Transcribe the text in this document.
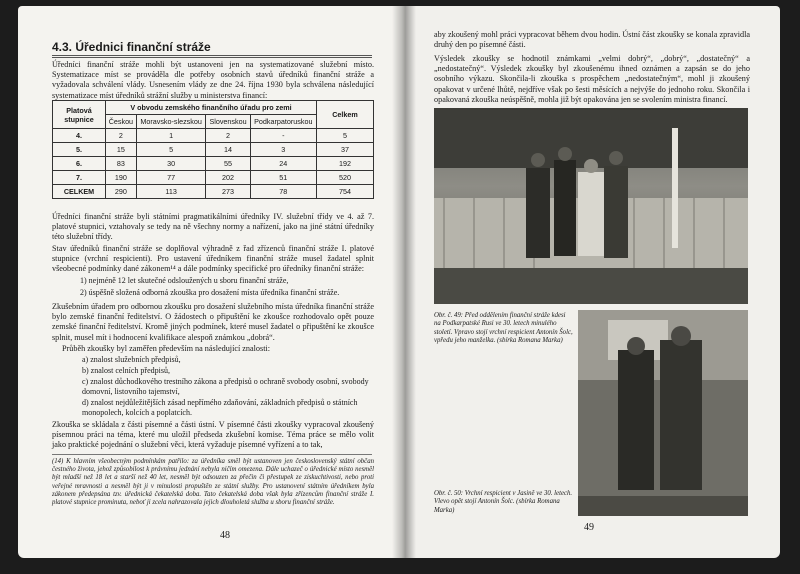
4.3. Úřednici finanční stráže
Úředníci finanční stráže mohli být ustanoveni jen na systematizované služební místo. Systematizace míst se prováděla dle potřeby osobních stavů úředníků finanční stráže a vyžadovala schválení vlády. Usnesením vlády ze dne 24. října 1930 byla schválena následující systematizace míst úředníků strážní služby u ministerstva financí:
Platová stupnice	V obvodu zemského finančního úřadu pro zemi				Celkem
	Českou	Moravsko-slezskou	Slovenskou	Podkarpatoruskou	
4.	2	1	2	-	5
5.	15	5	14	3	37
6.	83	30	55	24	192
7.	190	77	202	51	520
CELKEM	290	113	273	78	754
Úředníci finanční stráže byli státními pragmatikálními úředníky IV. služební třídy ve 4. až 7. platové stupnici, vztahovaly se tedy na ně všechny normy a nařízení, jako na jiné státní úředníky této služební třídy.
Stav úředníků finanční stráže se doplňoval výhradně z řad zřízenců finanční stráže I. platové stupnice (vrchní respicienti). Pro ustavení úředníkem finanční stráže musel žadatel splnit všeobecné podmínky dané zákonem¹⁴ a dále podmínky specifické pro úředníky finanční stráže:
1) nejméně 12 let skutečné odsloužených u sboru finanční stráže,
2) úspěšně složená odborná zkouška pro dosažení místa úředníka finanční stráže.
Zkušebním úřadem pro odbornou zkoušku pro dosažení služebního místa úředníka finanční stráže bylo zemské finanční ředitelství. O žádostech o připuštění ke zkoušce rozhodovalo opět pouze zemské finanční ředitelství. Kromě jiných podmínek, které musel žadatel o připuštění ke zkoušce splnit, musel mít i hodnocení kvalifikace alespoň známkou „dobrá“.
Průběh zkoušky byl zaměřen především na následující znalosti:
a) znalost služebních předpisů,
b) znalost celních předpisů,
c) znalost důchodkového trestního zákona a předpisů o ochraně svobody osobní, svobody domovní, listovního tajemství,
d) znalost nejdůležitějších zásad nepřímého zdaňování, základních předpisů o státních monopolech, kolcích a poplatcích.
Zkouška se skládala z části písemné a části ústní. V písemné části zkoušky vypracoval zkoušený písemnou práci na téma, které mu uložil předseda zkušební komise. Téma práce se mělo volit jako praktické pojednání o služební věci, která vyžaduje písemné vyřízení a to tak,
(14) K hlavním všeobecným podmínkám patřilo: za úředníka směl být ustanoven jen československý státní občan čestného života, jehož způsobilost k právnímu jednání nebyla ničím omezena. Dále uchazeč o úřednické místo nesměl být mladší než 18 let a starší než 40 let, nesměl být odsouzen za přečin či přestupek ze ziskuchtivosti, nebo proti veřejné mravnosti a nesměl být ji v minulosti propuštěn ze státní služby. Pro ustanovení státním úředníkem byla zákonem předepsána tzv. úřednická čekatelská doba. Tato čekatelská doba však byla zřízencům finanční stráže I. platové stupnice prominuta, neboť ji zcela nahrazovala jejich dlouholetá služba u sboru finanční stráže.
48
aby zkoušený mohl práci vypracovat během dvou hodin. Ústní část zkoušky se konala zpravidla druhý den po písemné části.
Výsledek zkoušky se hodnotil známkami „velmi dobrý“, „dobrý“, „dostatečný“ a „nedostatečný“. Výsledek zkoušky byl zkoušenému ihned oznámen a zapsán se do jeho osobního výkazu. Skončila-li zkouška s prospěchem „nedostatečným“, mohl ji zkoušený opakovat v určené lhůtě, nejdříve však po šesti měsících a nejvýše do jednoho roku. Skončila i opakovaná zkouška neúspěšně, mohla již být opakována jen se svolením ministra financí.
Obr. č. 49: Před oddělením finanční stráže kdesi na Podkarpatské Rusi ve 30. letech minulého století. Vpravo stojí vrchní respicient Antonín Šolc, vpředu jeho manželka. (sbírka Romana Marka)
Obr. č. 50: Vrchní respicient v Jasině ve 30. letech. Vlevo opět stojí Antonín Šolc. (sbírka Romana Marka)
49
